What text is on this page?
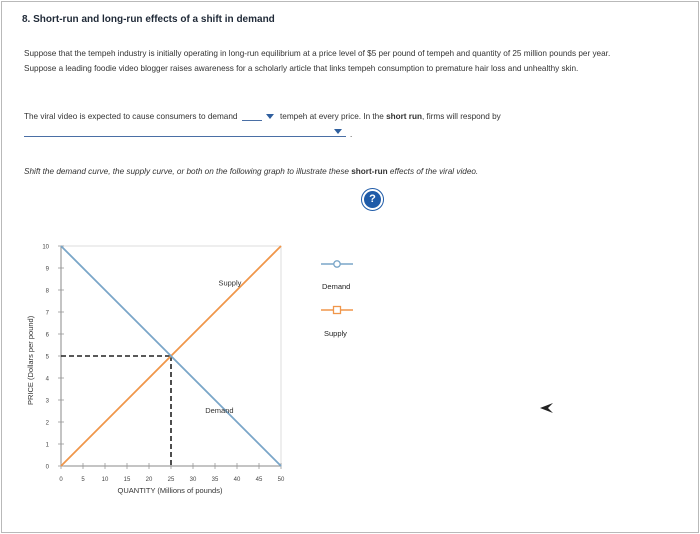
8. Short-run and long-run effects of a shift in demand
Suppose that the tempeh industry is initially operating in long-run equilibrium at a price level of $5 per pound of tempeh and quantity of 25 million pounds per year. Suppose a leading foodie video blogger raises awareness for a scholarly article that links tempeh consumption to premature hair loss and unhealthy skin.
The viral video is expected to cause consumers to demand	tempeh at every price. In the short run, firms will respond by
.
Shift the demand curve, the supply curve, or both on the following graph to illustrate these short-run effects of the viral video.
?
0
1
2
3
4
5
6
7
8
9
10
0	5	10	15	20	25	30	35	40	45	50
Supply
Demand
PRICE (Dollars per pound)
QUANTITY (Millions of pounds)
Demand
Supply
